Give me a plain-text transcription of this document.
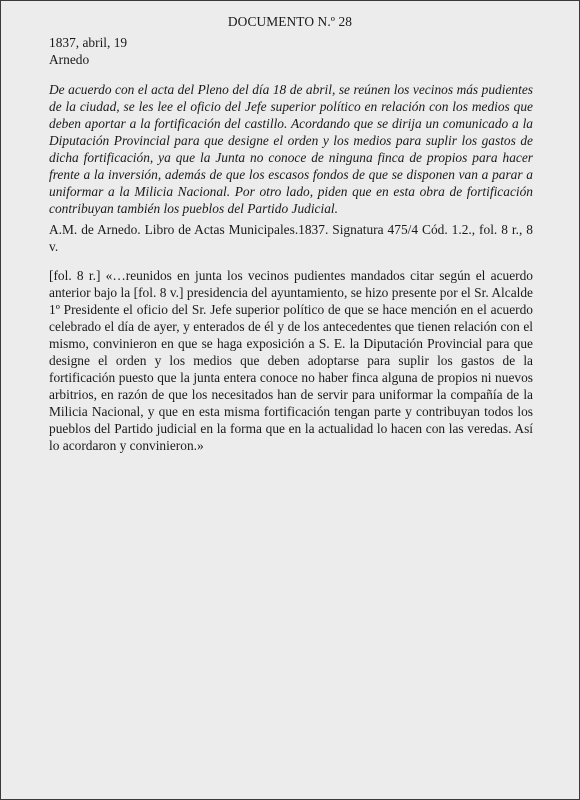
DOCUMENTO N.º 28
1837, abril, 19
Arnedo

De acuerdo con el acta del Pleno del día 18 de abril, se reúnen los vecinos más pudientes de la ciudad, se les lee el oficio del Jefe superior político en relación con los medios que deben aportar a la fortificación del castillo. Acordando que se dirija un comunicado a la Diputación Provincial para que designe el orden y los medios para suplir los gastos de dicha fortificación, ya que la Junta no conoce de ninguna finca de propios para hacer frente a la inversión, además de que los escasos fondos de que se disponen van a parar a uniformar a la Milicia Nacional. Por otro lado, piden que en esta obra de fortificación contribuyan también los pueblos del Partido Judicial.

A.M. de Arnedo. Libro de Actas Municipales.1837. Signatura 475/4 Cód. 1.2., fol. 8 r., 8 v.

[fol. 8 r.] «…reunidos en junta los vecinos pudientes mandados citar según el acuerdo anterior bajo la [fol. 8 v.] presidencia del ayuntamiento, se hizo presente por el Sr. Alcalde 1º Presidente el oficio del Sr. Jefe superior político de que se hace mención en el acuerdo celebrado el día de ayer, y enterados de él y de los antecedentes que tienen relación con el mismo, convinieron en que se haga exposición a S. E. la Diputación Provincial para que designe el orden y los medios que deben adoptarse para suplir los gastos de la fortificación puesto que la junta entera conoce no haber finca alguna de propios ni nuevos arbitrios, en razón de que los necesitados han de servir para uniformar la compañía de la Milicia Nacional, y que en esta misma fortificación tengan parte y contribuyan todos los pueblos del Partido judicial en la forma que en la actualidad lo hacen con las veredas. Así lo acordaron y convinieron.»
